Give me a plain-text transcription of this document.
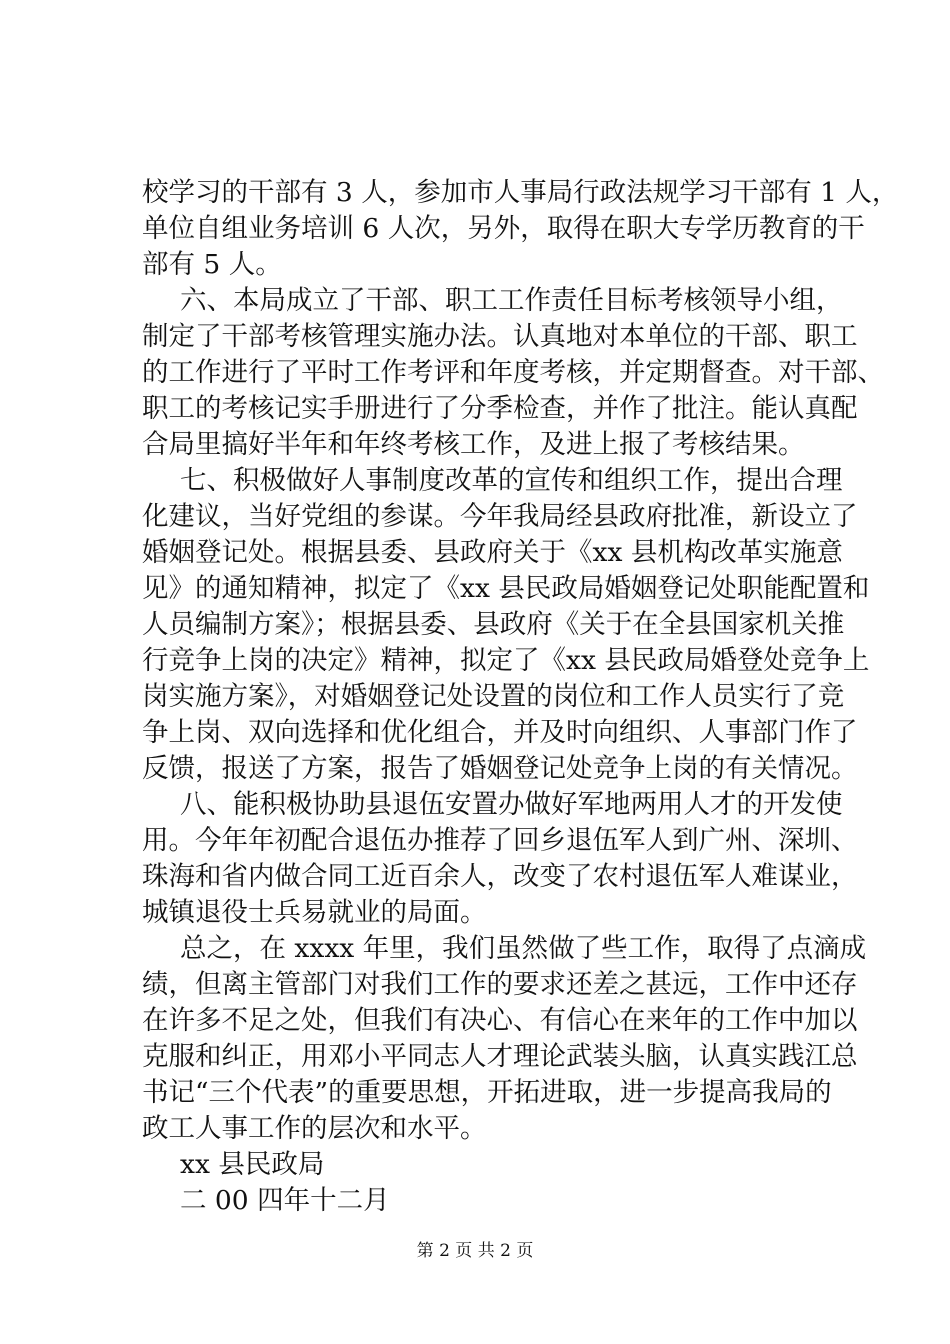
校学习的干部有 3 人，参加市人事局行政法规学习干部有 1 人，
单位自组业务培训 6 人次，另外，取得在职大专学历教育的干
部有 5 人。
六、本局成立了干部、职工工作责任目标考核领导小组，
制定了干部考核管理实施办法。认真地对本单位的干部、职工
的工作进行了平时工作考评和年度考核，并定期督查。对干部、
职工的考核记实手册进行了分季检查，并作了批注。能认真配
合局里搞好半年和年终考核工作，及进上报了考核结果。
七、积极做好人事制度改革的宣传和组织工作，提出合理
化建议，当好党组的参谋。今年我局经县政府批准，新设立了
婚姻登记处。根据县委、县政府关于《xx 县机构改革实施意
见》的通知精神，拟定了《xx 县民政局婚姻登记处职能配置和
人员编制方案》；根据县委、县政府《关于在全县国家机关推
行竞争上岗的决定》精神，拟定了《xx 县民政局婚登处竞争上
岗实施方案》，对婚姻登记处设置的岗位和工作人员实行了竞
争上岗、双向选择和优化组合，并及时向组织、人事部门作了
反馈，报送了方案，报告了婚姻登记处竞争上岗的有关情况。
八、能积极协助县退伍安置办做好军地两用人才的开发使
用。今年年初配合退伍办推荐了回乡退伍军人到广州、深圳、
珠海和省内做合同工近百余人，改变了农村退伍军人难谋业，
城镇退役士兵易就业的局面。
总之，在 xxxx 年里，我们虽然做了些工作，取得了点滴成
绩，但离主管部门对我们工作的要求还差之甚远，工作中还存
在许多不足之处，但我们有决心、有信心在来年的工作中加以
克服和纠正，用邓小平同志人才理论武装头脑，认真实践江总
书记“三个代表”的重要思想，开拓进取，进一步提高我局的
政工人事工作的层次和水平。
xx 县民政局
二 00 四年十二月
第 2 页 共 2 页
